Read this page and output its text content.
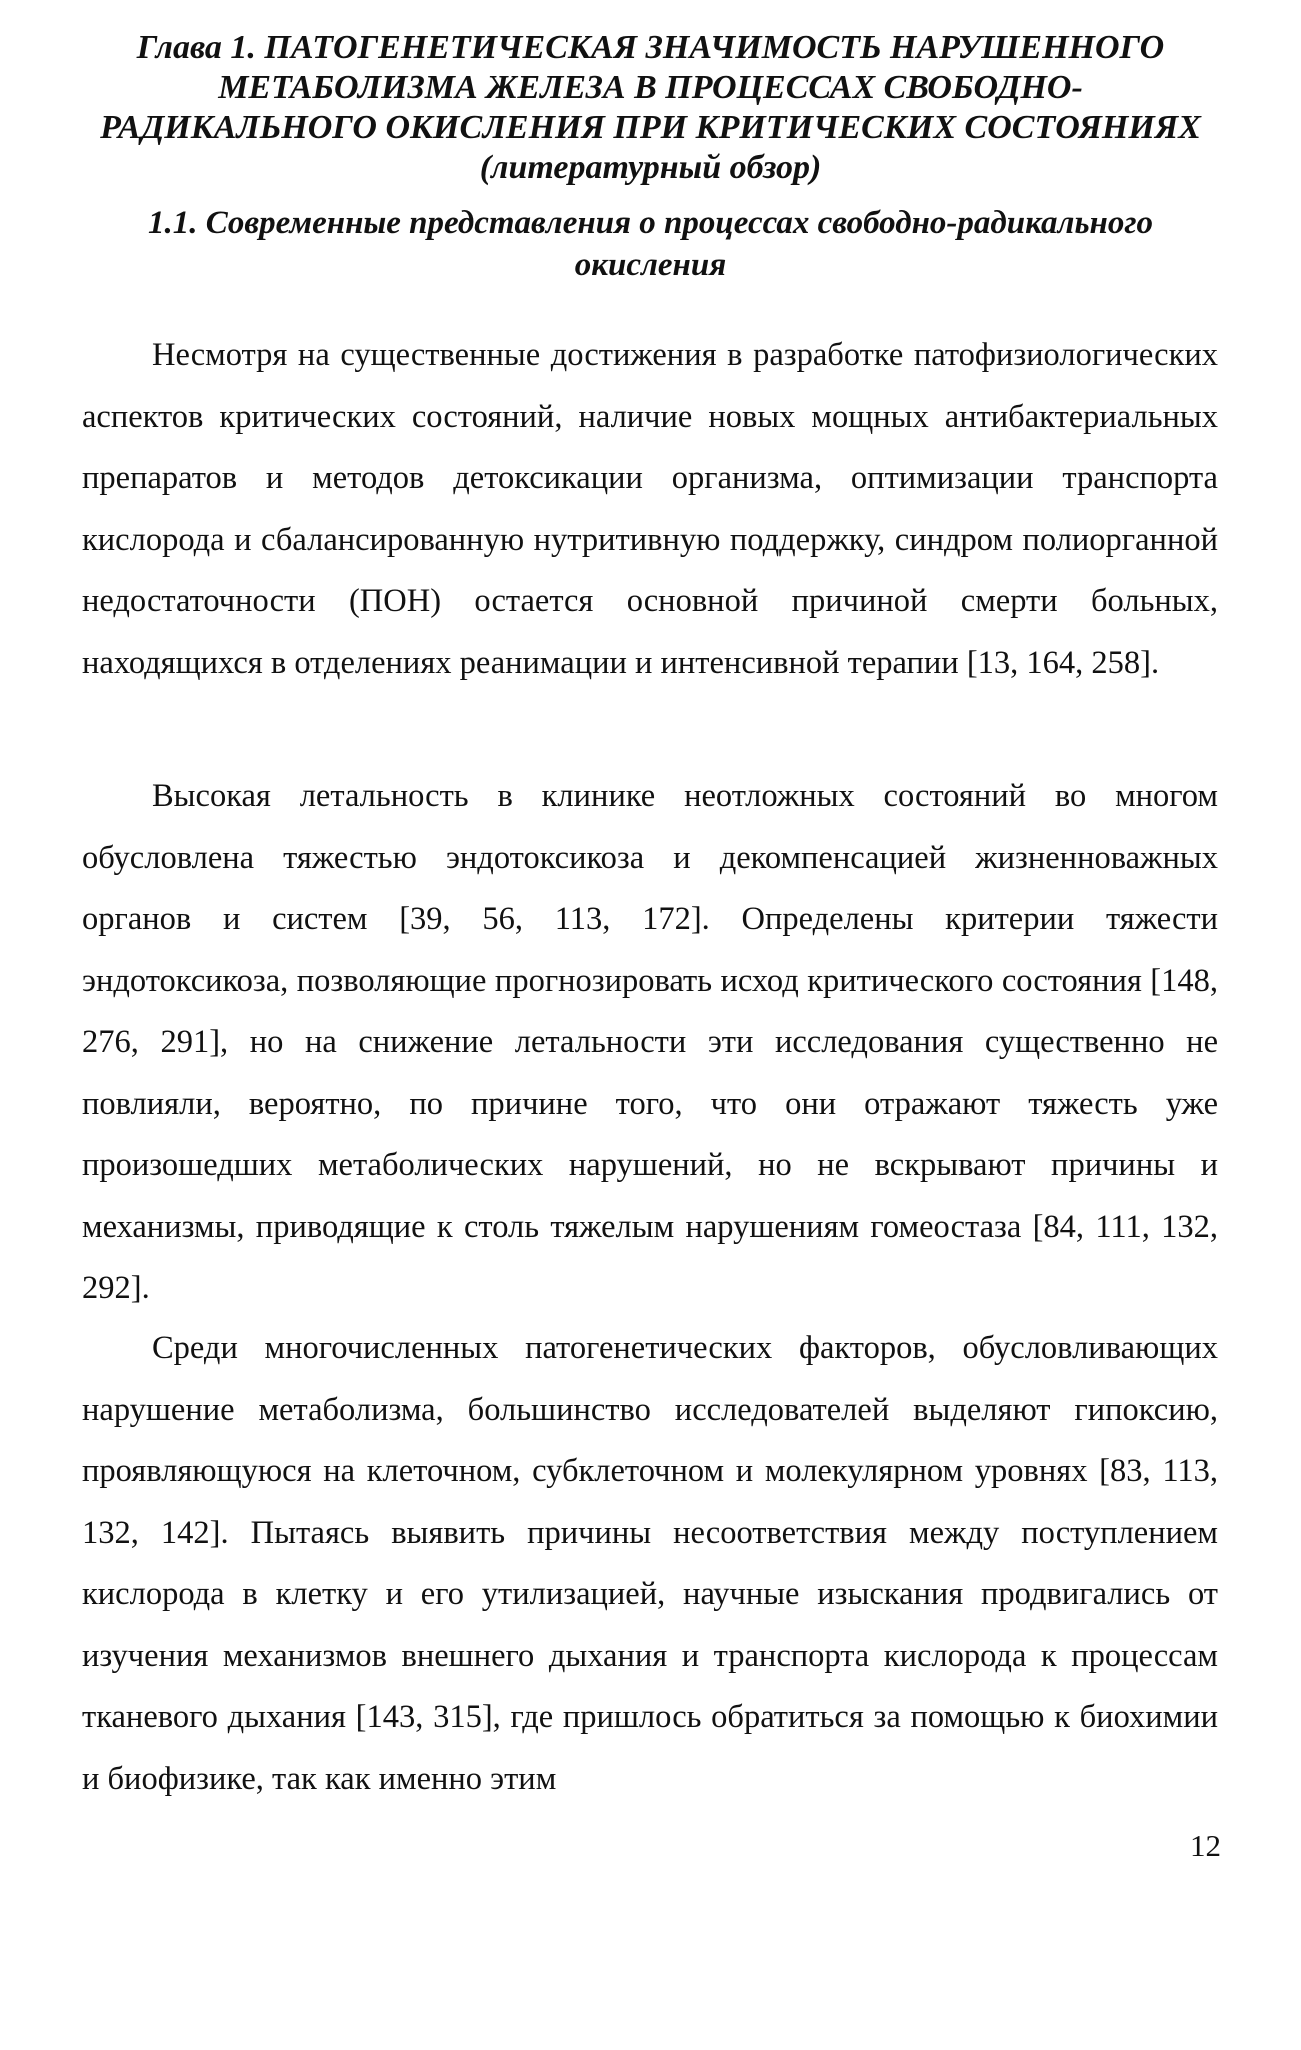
Глава 1. ПАТОГЕНЕТИЧЕСКАЯ ЗНАЧИМОСТЬ НАРУШЕННОГО
МЕТАБОЛИЗМА ЖЕЛЕЗА В ПРОЦЕССАХ СВОБОДНО-
РАДИКАЛЬНОГО ОКИСЛЕНИЯ ПРИ КРИТИЧЕСКИХ СОСТОЯНИЯХ
(литературный обзор)
1.1. Современные представления о процессах свободно-радикального
окисления

Несмотря на существенные достижения в разработке патофизиологических аспектов критических состояний, наличие новых мощных антибактериальных препаратов и методов детоксикации организма, оптимизации транспорта кислорода и сбалансированную нутритивную поддержку, синдром полиорганной недостаточности (ПОН) остается основной причиной смерти больных, находящихся в отделениях реанимации и интенсивной терапии [13, 164, 258].

Высокая летальность в клинике неотложных состояний во многом обусловлена тяжестью эндотоксикоза и декомпенсацией жизненноважных органов и систем [39, 56, 113, 172]. Определены критерии тяжести эндотоксикоза, позволяющие прогнозировать исход критического состояния [148, 276, 291], но на снижение летальности эти исследования существенно не повлияли, вероятно, по причине того, что они отражают тяжесть уже произошедших метаболических нарушений, но не вскрывают причины и механизмы, приводящие к столь тяжелым нарушениям гомеостаза [84, 111, 132, 292].

Среди многочисленных патогенетических факторов, обусловливающих нарушение метаболизма, большинство исследователей выделяют гипоксию, проявляющуюся на клеточном, субклеточном и молекулярном уровнях [83, 113, 132, 142]. Пытаясь выявить причины несоответствия между поступлением кислорода в клетку и его утилизацией, научные изыскания продвигались от изучения механизмов внешнего дыхания и транспорта кислорода к процессам тканевого дыхания [143, 315], где пришлось обратиться за помощью к биохимии и биофизике, так как именно этим

12
